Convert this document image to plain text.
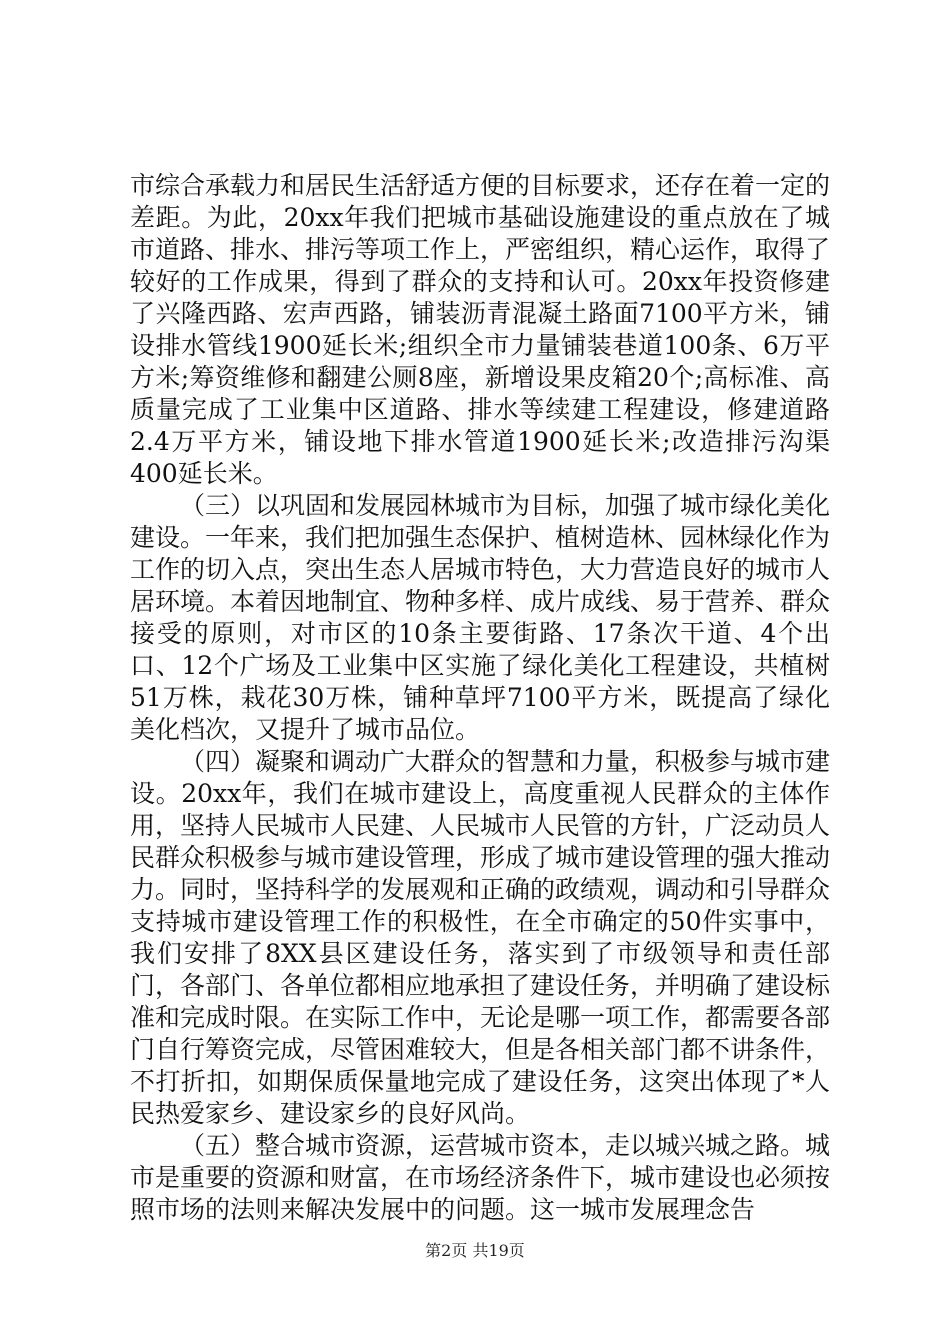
市综合承载力和居民生活舒适方便的目标要求，还存在着一定的差距。为此，20xx年我们把城市基础设施建设的重点放在了城市道路、排水、排污等项工作上，严密组织，精心运作，取得了较好的工作成果，得到了群众的支持和认可。20xx年投资修建了兴隆西路、宏声西路，铺装沥青混凝土路面7100平方米，铺设排水管线1900延长米;组织全市力量铺装巷道100条、6万平方米;筹资维修和翻建公厕8座，新增设果皮箱20个;高标准、高质量完成了工业集中区道路、排水等续建工程建设，修建道路2.4万平方米，铺设地下排水管道1900延长米;改造排污沟渠400延长米。

（三）以巩固和发展园林城市为目标，加强了城市绿化美化建设。一年来，我们把加强生态保护、植树造林、园林绿化作为工作的切入点，突出生态人居城市特色，大力营造良好的城市人居环境。本着因地制宜、物种多样、成片成线、易于营养、群众接受的原则，对市区的10条主要街路、17条次干道、4个出口、12个广场及工业集中区实施了绿化美化工程建设，共植树51万株，栽花30万株，铺种草坪7100平方米，既提高了绿化美化档次，又提升了城市品位。

（四）凝聚和调动广大群众的智慧和力量，积极参与城市建设。20xx年，我们在城市建设上，高度重视人民群众的主体作用，坚持人民城市人民建、人民城市人民管的方针，广泛动员人民群众积极参与城市建设管理，形成了城市建设管理的强大推动力。同时，坚持科学的发展观和正确的政绩观，调动和引导群众支持城市建设管理工作的积极性，在全市确定的50件实事中，我们安排了8XX县区建设任务，落实到了市级领导和责任部门，各部门、各单位都相应地承担了建设任务，并明确了建设标准和完成时限。在实际工作中，无论是哪一项工作，都需要各部门自行筹资完成，尽管困难较大，但是各相关部门都不讲条件，不打折扣，如期保质保量地完成了建设任务，这突出体现了*人民热爱家乡、建设家乡的良好风尚。

（五）整合城市资源，运营城市资本，走以城兴城之路。城市是重要的资源和财富，在市场经济条件下，城市建设也必须按照市场的法则来解决发展中的问题。这一城市发展理念告

第2页 共19页
